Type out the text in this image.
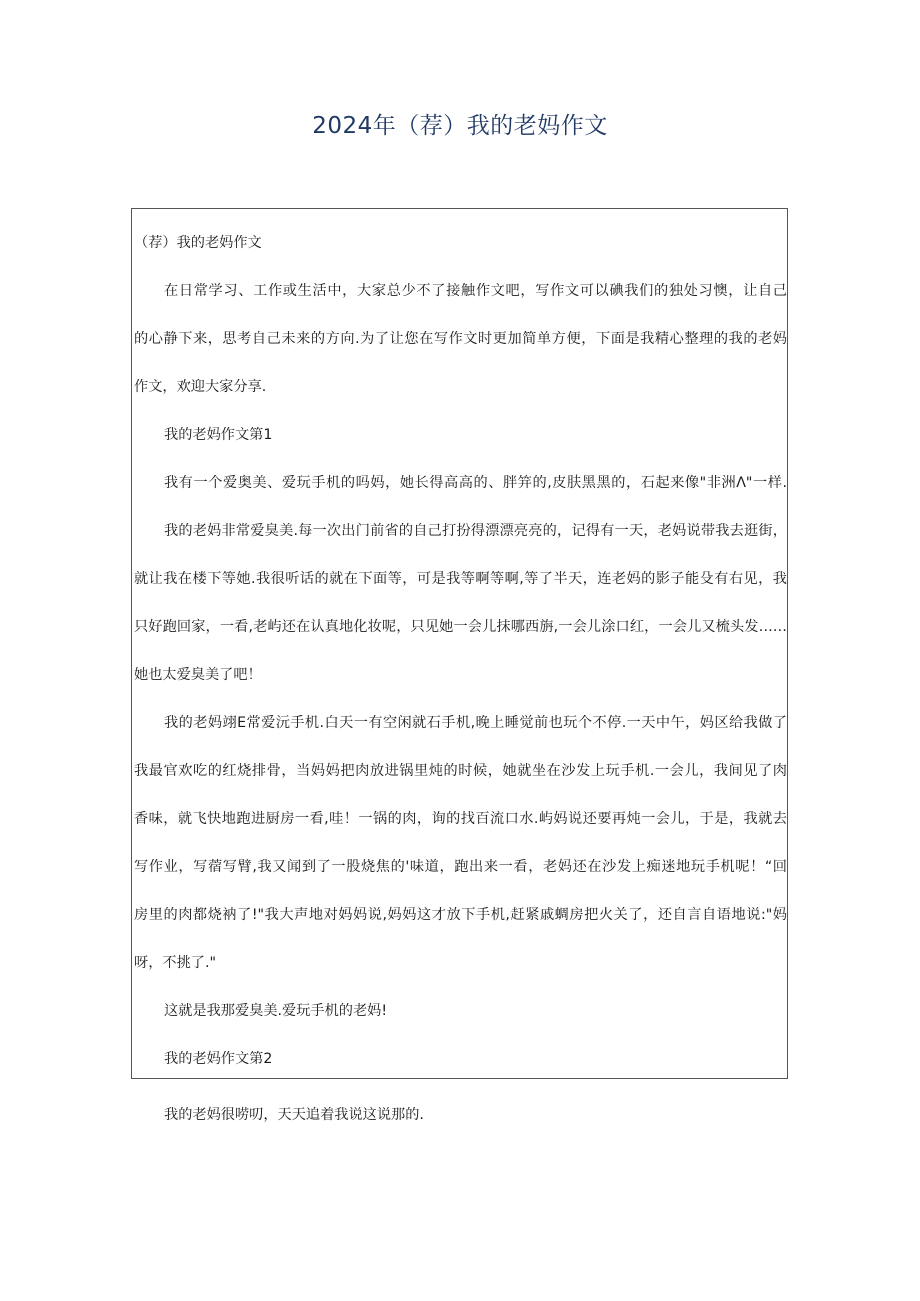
2024年（荐）我的老妈作文
（荐）我的老妈作文
在日常学习、工作或生活中，大家总少不了接触作文吧，写作文可以碘我们的独处习懊，让自己
的心静下来，思考自己未来的方向.为了让您在写作文时更加简单方便，下面是我精心整理的我的老妈
作文，欢迎大家分享.
我的老妈作文第1
我有一个爱奥美、爱玩手机的吗妈，她长得高高的、胖笄的,皮肤黑黑的，石起来像"非洲Λ"一样.
我的老妈非常爱臭美.每一次出门前省的自己打扮得漂漂亮亮的，记得有一天，老妈说带我去逛街，
就让我在楼下等她.我很听话的就在下面等，可是我等啊等啊,等了半天，连老妈的影子能殳有右见，我
只好跑回家，一看,老屿还在认真地化妆呢，只见她一会儿抹哪西旃,一会儿涂口红，一会儿又梳头发……
她也太爱臭美了吧！
我的老妈翊E常爱沅手机.白天一有空闲就石手机,晚上睡觉前也玩个不停.一天中午，妈区给我做了
我最官欢吃的红烧排骨，当妈妈把肉放进锅里炖的时候，她就坐在沙发上玩手机.一会儿，我间见了肉
香味，就飞快地跑进厨房一看,哇！一锅的肉，询的找百流口水.屿妈说还要再炖一会儿，于是，我就去
写作业，写蓿写臂,我又闻到了一股烧焦的'味道，跑出来一看，老妈还在沙发上痴迷地玩手机呢！“回
房里的肉都烧衲了!"我大声地对妈妈说,妈妈这才放下手机,赶紧戚蜩房把火关了，还自言自语地说:"妈
呀，不挑了."
这就是我那爱臭美.爱玩手机的老妈!
我的老妈作文第2
我的老妈很唠叨，天天追着我说这说那的.
